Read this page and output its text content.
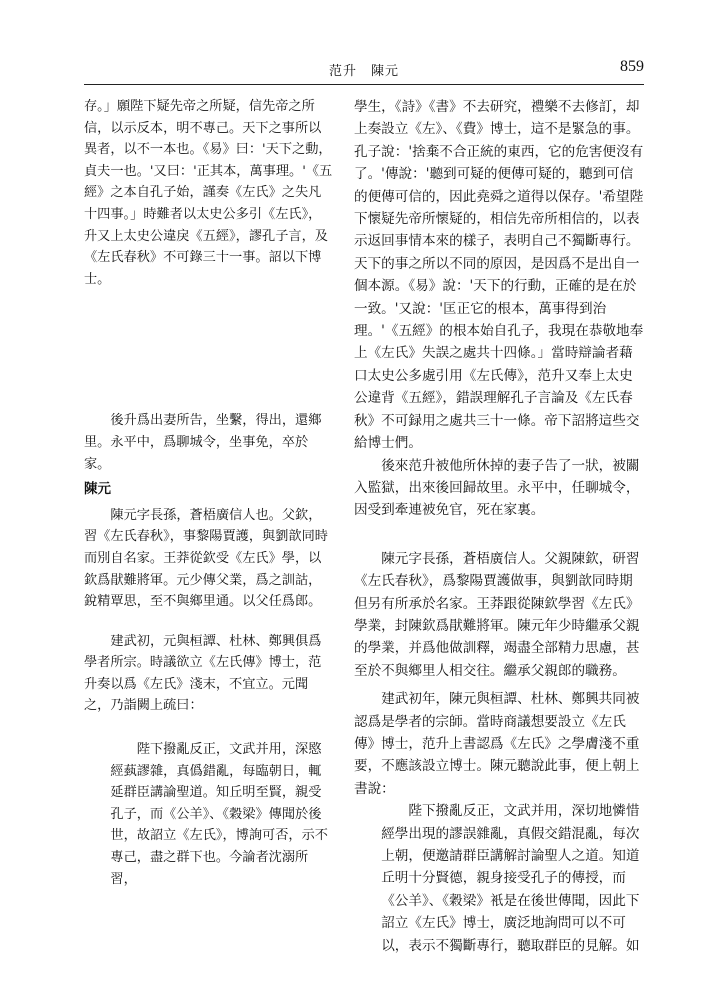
范升　陳元	859

存。」願陛下疑先帝之所疑，信先帝之所信，以示反本，明不專己。天下之事所以異者，以不一本也。《易》曰：'天下之動，貞夫一也。'又曰：'正其本，萬事理。'《五經》之本自孔子始，謹奏《左氏》之失凡十四事。」時難者以太史公多引《左氏》，升又上太史公違戾《五經》，謬孔子言，及《左氏春秋》不可錄三十一事。詔以下博士。

後升爲出妻所告，坐繫，得出，還鄉里。永平中，爲聊城令，坐事免，卒於家。

陳元

陳元字長孫，蒼梧廣信人也。父欽，習《左氏春秋》，事黎陽賈護，與劉歆同時而別自名家。王莽從欽受《左氏》學，以欽爲猒難將軍。元少傳父業，爲之訓詁，銳精覃思，至不與鄉里通。以父任爲郎。

建武初，元與桓譚、杜林、鄭興俱爲學者所宗。時議欲立《左氏傳》博士，范升奏以爲《左氏》淺末，不宜立。元聞之，乃詣闕上疏曰：

陛下撥亂反正，文武并用，深愍經蓺謬雜，真僞錯亂，每臨朝日，輒延群臣講論聖道。知丘明至賢，親受孔子，而《公羊》、《穀梁》傳聞於後世，故詔立《左氏》，博詢可否，示不專己，盡之群下也。今論者沈溺所習，

學生，《詩》《書》不去研究，禮樂不去修訂，却上奏設立《左》、《費》博士，這不是緊急的事。孔子說：'捨棄不合正統的東西，它的危害便沒有了。'傳說：'聽到可疑的便傳可疑的，聽到可信的便傳可信的，因此堯舜之道得以保存。'希望陛下懷疑先帝所懷疑的，相信先帝所相信的，以表示返回事情本來的樣子，表明自己不獨斷專行。天下的事之所以不同的原因，是因爲不是出自一個本源。《易》說：'天下的行動，正確的是在於一致。'又說：'匡正它的根本，萬事得到治理。'《五經》的根本始自孔子，我現在恭敬地奉上《左氏》失誤之處共十四條。」當時辯論者藉口太史公多處引用《左氏傳》，范升又奉上太史公違背《五經》，錯誤理解孔子言論及《左氏春秋》不可録用之處共三十一條。帝下詔將這些交給博士們。

後來范升被他所休掉的妻子告了一狀，被關入監獄，出來後回歸故里。永平中，任聊城令，因受到牽連被免官，死在家裏。

陳元字長孫，蒼梧廣信人。父親陳欽，研習《左氏春秋》，爲黎陽賈護做事，與劉歆同時期但另有所承於名家。王莽跟從陳欽學習《左氏》學業，封陳欽爲猒難將軍。陳元年少時繼承父親的學業，并爲他做訓釋，竭盡全部精力思慮，甚至於不與鄉里人相交往。繼承父親郎的職務。

建武初年，陳元與桓譚、杜林、鄭興共同被認爲是學者的宗師。當時商議想要設立《左氏傳》博士，范升上書認爲《左氏》之學膚淺不重要，不應該設立博士。陳元聽說此事，便上朝上書說：

陛下撥亂反正，文武并用，深切地憐惜經學出現的謬誤雜亂，真假交錯混亂，每次上朝，便邀請群臣講解討論聖人之道。知道丘明十分賢德，親身接受孔子的傳授，而《公羊》、《穀梁》衹是在後世傳聞，因此下詔立《左氏》博士，廣泛地詢問可以不可以，表示不獨斷專行，聽取群臣的見解。如
